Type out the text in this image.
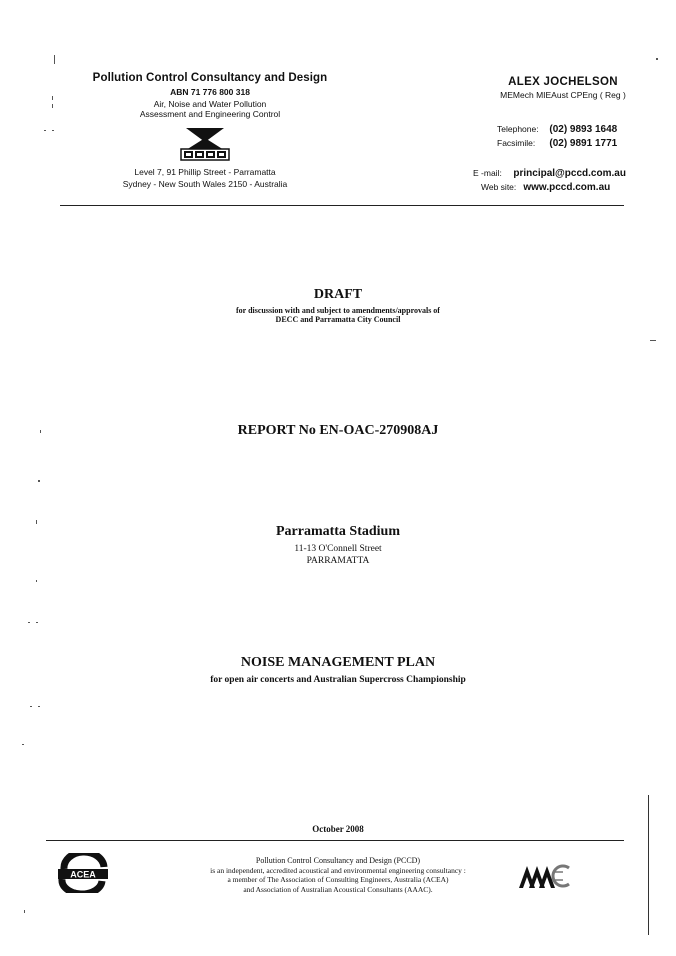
Pollution Control Consultancy and Design
ABN 71 776 800 318
Air, Noise and Water Pollution
Assessment and Engineering Control
Level 7, 91 Phillip Street - Parramatta
Sydney - New South Wales 2150 - Australia
ALEX JOCHELSON
MEMech MIEAust CPEng ( Reg )
Telephone: (02) 9893 1648
Facsimile: (02) 9891 1771
E -mail: principal@pccd.com.au
Web site: www.pccd.com.au
DRAFT
for discussion with and subject to amendments/approvals of
DECC and Parramatta City Council
REPORT No EN-OAC-270908AJ
Parramatta Stadium
11-13 O'Connell Street
PARRAMATTA
NOISE MANAGEMENT PLAN
for open air concerts and Australian Supercross Championship
October 2008
ACEA
Pollution Control Consultancy and Design (PCCD)
is an independent, accredited acoustical and environmental engineering consultancy :
a member of The Association of Consulting Engineers, Australia (ACEA)
and Association of Australian Acoustical Consultants (AAAC).
